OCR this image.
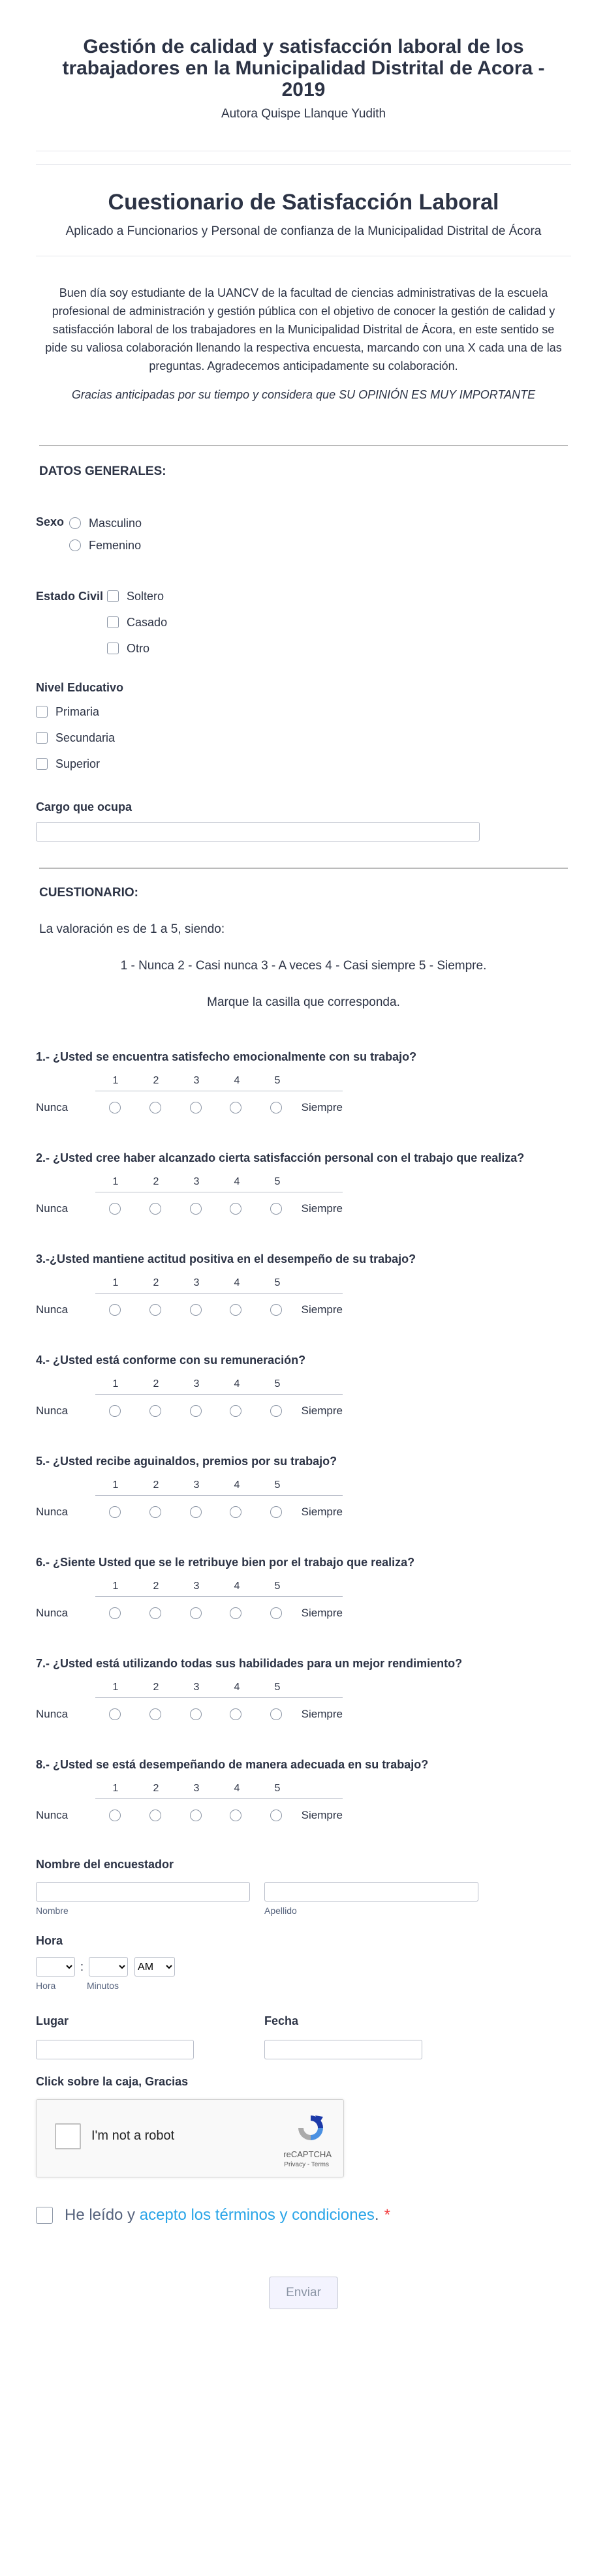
Gestión de calidad y satisfacción laboral de los trabajadores en la Municipalidad Distrital de Acora - 2019
Autora Quispe Llanque Yudith
Cuestionario de Satisfacción Laboral
Aplicado a Funcionarios y Personal de confianza de la Municipalidad Distrital de Ácora
Buen día soy estudiante de la UANCV de la facultad de ciencias administrativas de la escuela profesional de administración y gestión pública con el objetivo de conocer la gestión de calidad y satisfacción laboral de los trabajadores en la Municipalidad Distrital de Ácora, en este sentido se pide su valiosa colaboración llenando la respectiva encuesta, marcando con una X cada una de las preguntas. Agradecemos anticipadamente su colaboración.
Gracias anticipadas por su tiempo y considera que SU OPINIÓN ES MUY IMPORTANTE
DATOS GENERALES:
Sexo Masculino
Femenino
Estado Civil Soltero
Casado
Otro
Nivel Educativo
Primaria
Secundaria
Superior
Cargo que ocupa
CUESTIONARIO:
La valoración es de 1 a 5, siendo:
1 - Nunca 2 - Casi nunca 3 - A veces 4 - Casi siempre 5 - Siempre.
Marque la casilla que corresponda.
1.- ¿Usted se encuentra satisfecho emocionalmente con su trabajo?
1	2	3	4	5
Nunca	Siempre
2.- ¿Usted cree haber alcanzado cierta satisfacción personal con el trabajo que realiza?
1	2	3	4	5
Nunca	Siempre
3.-¿Usted mantiene actitud positiva en el desempeño de su trabajo?
1	2	3	4	5
Nunca	Siempre
4.- ¿Usted está conforme con su remuneración?
1	2	3	4	5
Nunca	Siempre
5.- ¿Usted recibe aguinaldos, premios por su trabajo?
1	2	3	4	5
Nunca	Siempre
6.- ¿Siente Usted que se le retribuye bien por el trabajo que realiza?
1	2	3	4	5
Nunca	Siempre
7.- ¿Usted está utilizando todas sus habilidades para un mejor rendimiento?
1	2	3	4	5
Nunca	Siempre
8.- ¿Usted se está desempeñando de manera adecuada en su trabajo?
1	2	3	4	5
Nunca	Siempre
Nombre del encuestador
Nombre	Apellido
Hora
:
AM
Hora	Minutos
Lugar	Fecha
Click sobre la caja, Gracias
I'm not a robot
reCAPTCHA
Privacy - Terms
He leído y acepto los términos y condiciones . *
Enviar
